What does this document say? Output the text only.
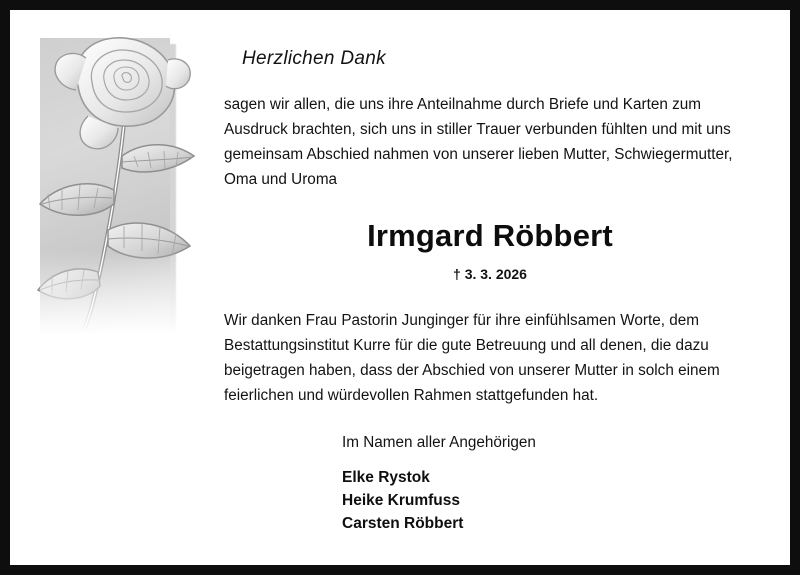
Herzlichen Dank
sagen wir allen, die uns ihre Anteilnahme durch Briefe und Karten zum Ausdruck brachten, sich uns in stiller Trauer verbunden fühlten und mit uns gemeinsam Abschied nahmen von unserer lieben Mutter, Schwiegermutter, Oma und Uroma
Irmgard Röbbert
† 3. 3. 2026
Wir danken Frau Pastorin Junginger für ihre einfühlsamen Worte, dem Bestattungsinstitut Kurre für die gute Betreuung und all denen, die dazu beigetragen haben, dass der Abschied von unserer Mutter in solch einem feierlichen und würdevollen Rahmen stattgefunden hat.
Im Namen aller Angehörigen
Elke Rystok
Heike Krumfuss
Carsten Röbbert
